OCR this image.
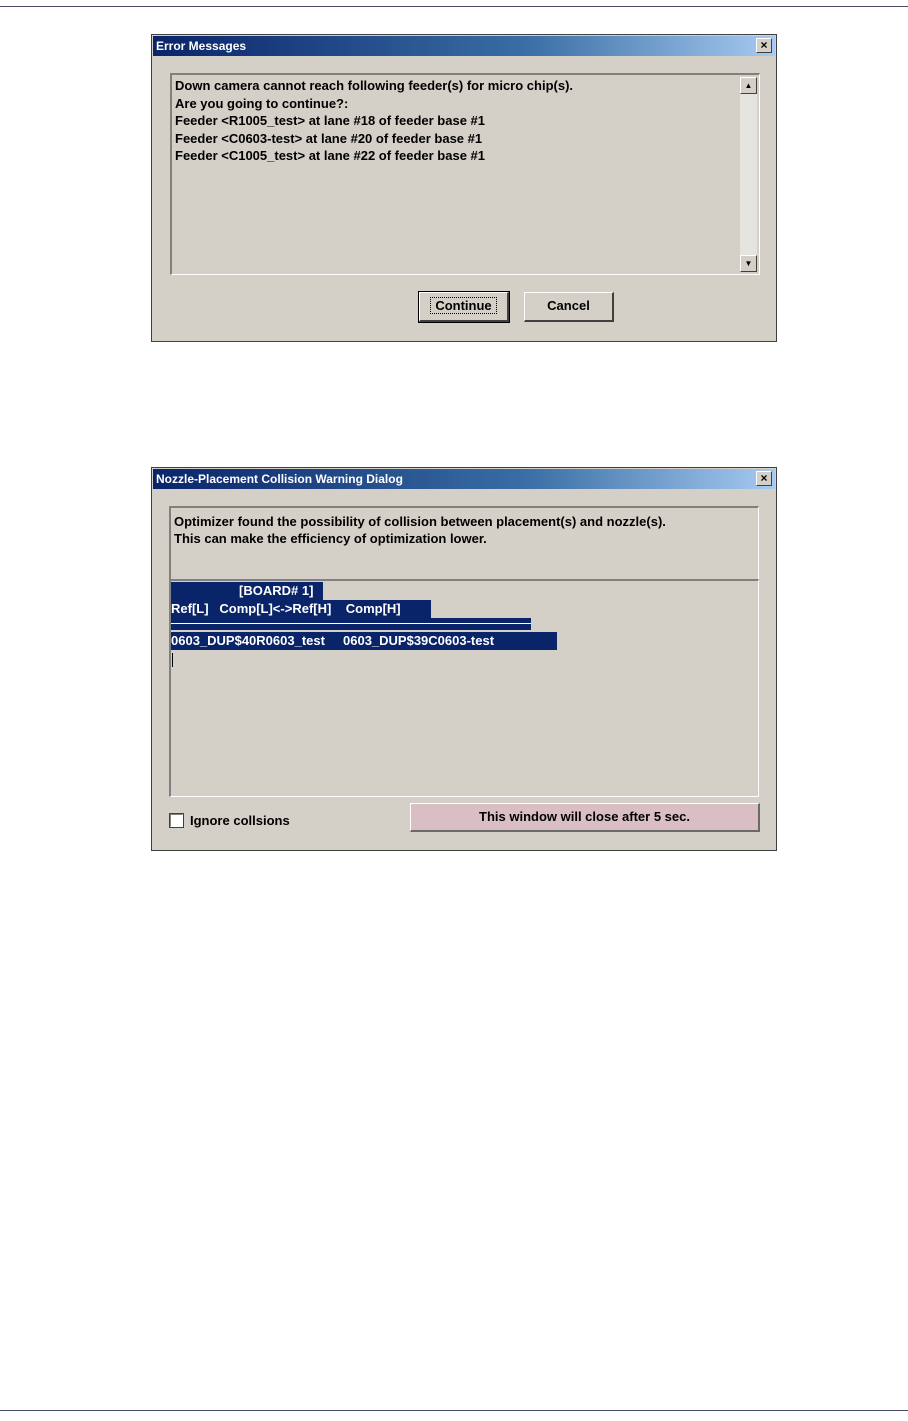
Error Messages	×
Down camera cannot reach following feeder(s) for micro chip(s).
Are you going to continue?:
Feeder <R1005_test> at lane #18 of feeder base #1
Feeder <C0603-test> at lane #20 of feeder base #1
Feeder <C1005_test> at lane #22 of feeder base #1
▲
▼
Continue	Cancel
Nozzle-Placement Collision Warning Dialog	×
Optimizer found the possibility of collision between placement(s) and nozzle(s).
This can make the efficiency of optimization lower.
[BOARD# 1]
Ref[L]   Comp[L]<->Ref[H]    Comp[H]
0603_DUP$40R0603_test     0603_DUP$39C0603-test
Ignore collsions	This window will close after 5 sec.
